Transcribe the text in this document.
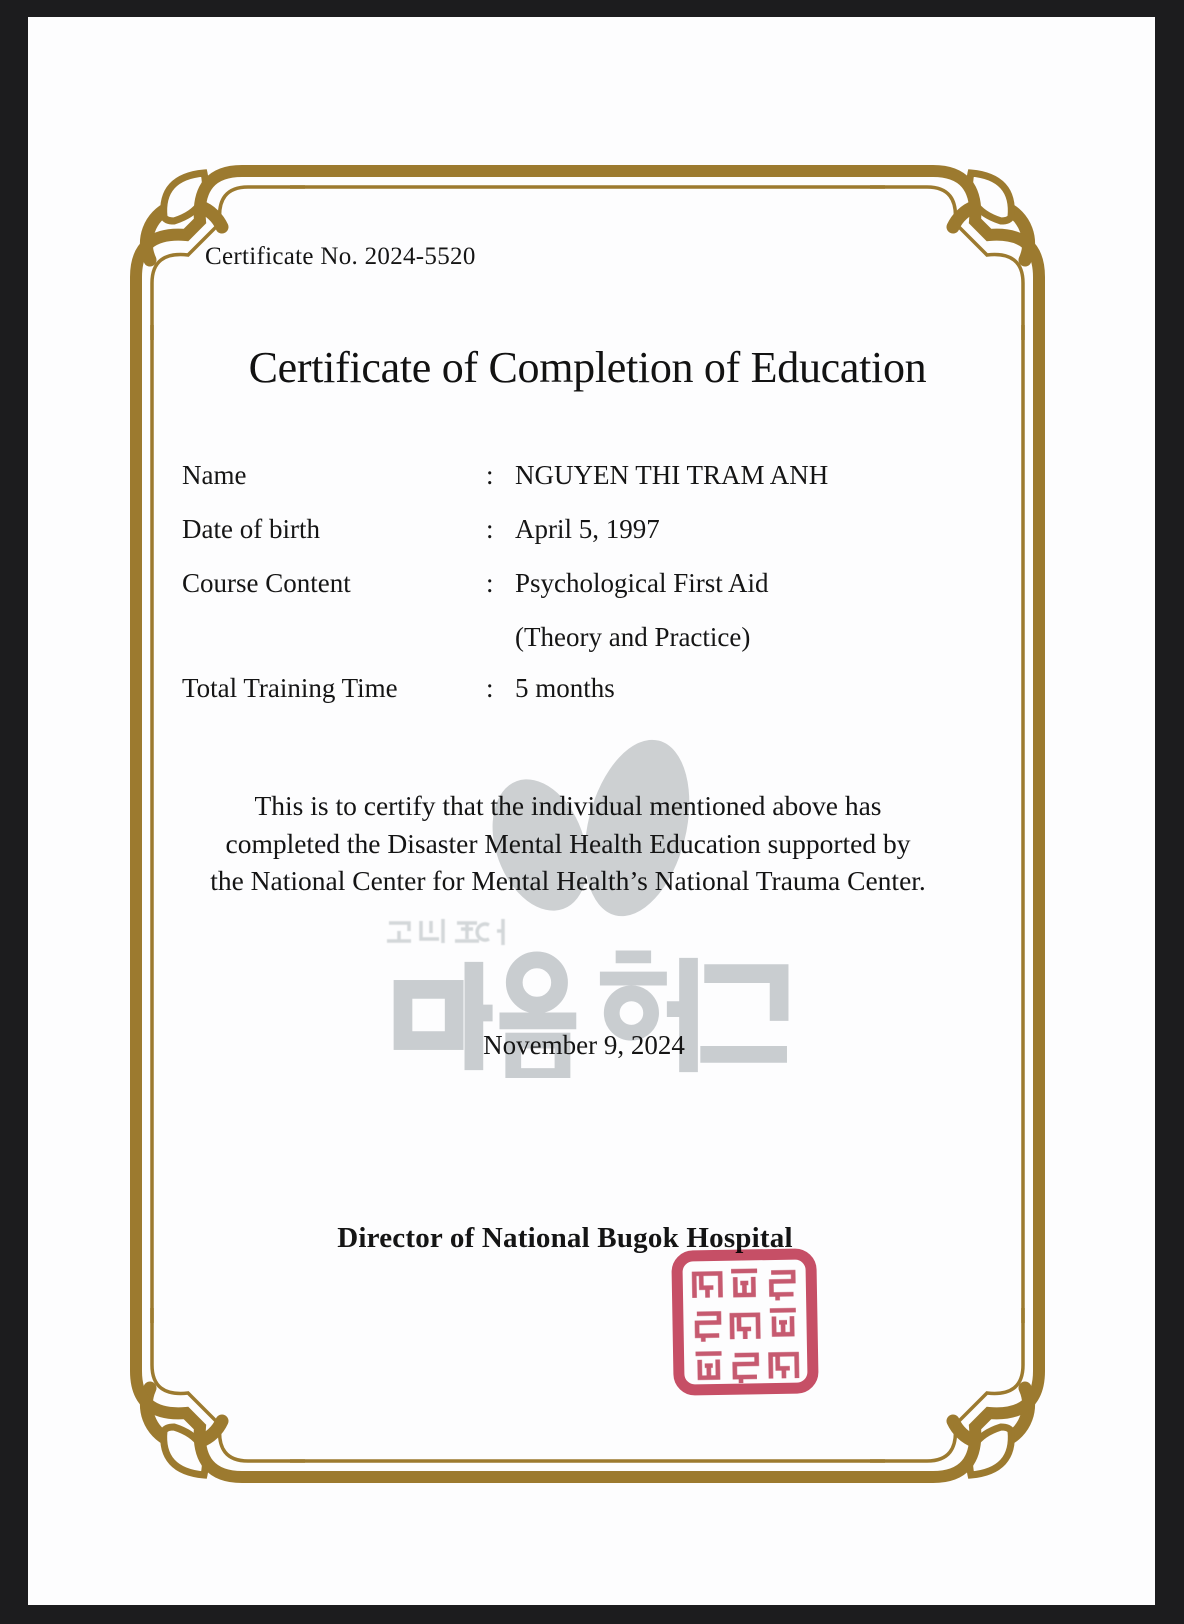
Certificate No. 2024-5520
Certificate of Completion of Education
Name	: NGUYEN THI TRAM ANH
Date of birth	: April 5, 1997
Course Content	: Psychological First Aid
(Theory and Practice)
Total Training Time	: 5 months
This is to certify that the individual mentioned above has
completed the Disaster Mental Health Education supported by
the National Center for Mental Health’s National Trauma Center.
November 9, 2024
Director of National Bugok Hospital
